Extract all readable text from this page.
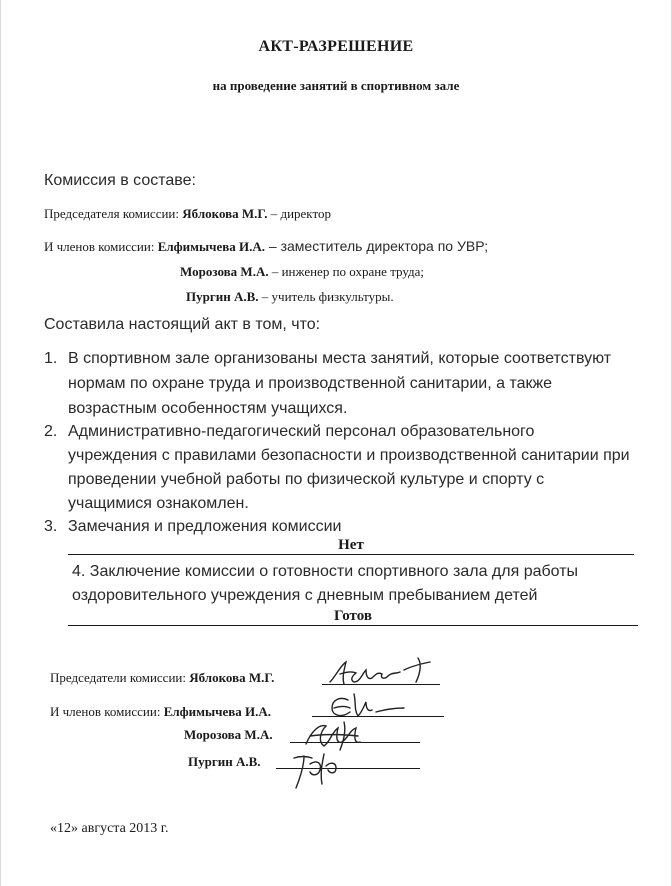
АКТ-РАЗРЕШЕНИЕ
на проведение занятий в спортивном зале
Комиссия в составе:
Председателя комиссии: Яблокова М.Г. – директор
И членов комиссии: Елфимычева И.А. – заместитель директора по УВР;
Морозова М.А. – инженер по охране труда;
Пургин А.В. – учитель физкультуры.
Составила настоящий акт в том, что:
1. В спортивном зале организованы места занятий, которые соответствуют
нормам по охране труда и производственной санитарии, а также
возрастным особенностям учащихся.
2. Административно-педагогический персонал образовательного
учреждения с правилами безопасности и производственной санитарии при
проведении учебной работы по физической культуре и спорту с
учащимися ознакомлен.
3. Замечания и предложения комиссии
Нет
4. Заключение комиссии о готовности спортивного зала для работы
оздоровительного учреждения с дневным пребыванием детей
Готов
Председатели комиссии: Яблокова М.Г.
И членов комиссии: Елфимычева И.А.
Морозова М.А.
Пургин А.В.
«12» августа 2013 г.
